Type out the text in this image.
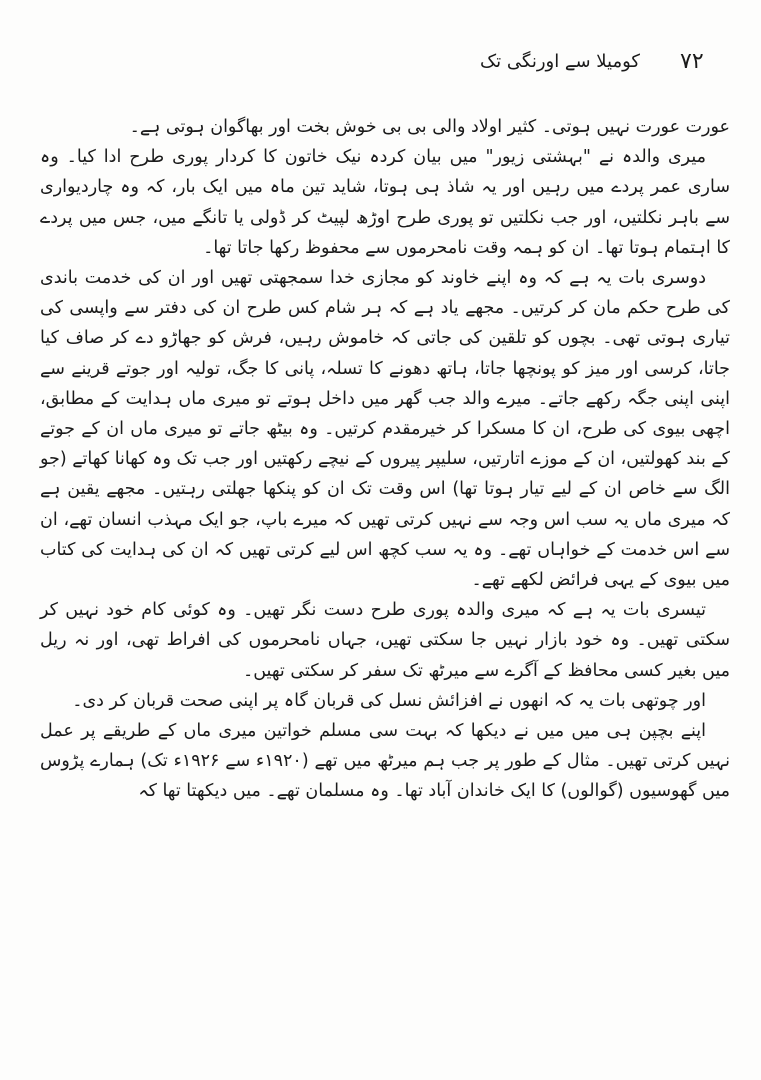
۷۲
کومیلا سے اورنگی تک

عورت عورت نہیں ہوتی۔ کثیر اولاد والی بی بی خوش بخت اور بھاگوان ہوتی ہے۔

میری والدہ نے "بہشتی زیور" میں بیان کردہ نیک خاتون کا کردار پوری طرح ادا کیا۔ وہ ساری عمر پردے میں رہیں اور یہ شاذ ہی ہوتا، شاید تین ماہ میں ایک بار، کہ وہ چاردیواری سے باہر نکلتیں، اور جب نکلتیں تو پوری طرح اوڑھ لپیٹ کر ڈولی یا تانگے میں، جس میں پردے کا اہتمام ہوتا تھا۔ ان کو ہمہ وقت نامحرموں سے محفوظ رکھا جاتا تھا۔

دوسری بات یہ ہے کہ وہ اپنے خاوند کو مجازی خدا سمجھتی تھیں اور ان کی خدمت باندی کی طرح حکم مان کر کرتیں۔ مجھے یاد ہے کہ ہر شام کس طرح ان کی دفتر سے واپسی کی تیاری ہوتی تھی۔ بچوں کو تلقین کی جاتی کہ خاموش رہیں، فرش کو جھاڑو دے کر صاف کیا جاتا، کرسی اور میز کو پونچھا جاتا، ہاتھ دھونے کا تسلہ، پانی کا جگ، تولیہ اور جوتے قرینے سے اپنی اپنی جگہ رکھے جاتے۔ میرے والد جب گھر میں داخل ہوتے تو میری ماں ہدایت کے مطابق، اچھی بیوی کی طرح، ان کا مسکرا کر خیرمقدم کرتیں۔ وہ بیٹھ جاتے تو میری ماں ان کے جوتے کے بند کھولتیں، ان کے موزے اتارتیں، سلیپر پیروں کے نیچے رکھتیں اور جب تک وہ کھانا کھاتے (جو الگ سے خاص ان کے لیے تیار ہوتا تھا) اس وقت تک ان کو پنکھا جھلتی رہتیں۔ مجھے یقین ہے کہ میری ماں یہ سب اس وجہ سے نہیں کرتی تھیں کہ میرے باپ، جو ایک مہذب انسان تھے، ان سے اس خدمت کے خواہاں تھے۔ وہ یہ سب کچھ اس لیے کرتی تھیں کہ ان کی ہدایت کی کتاب میں بیوی کے یہی فرائض لکھے تھے۔

تیسری بات یہ ہے کہ میری والدہ پوری طرح دست نگر تھیں۔ وہ کوئی کام خود نہیں کر سکتی تھیں۔ وہ خود بازار نہیں جا سکتی تھیں، جہاں نامحرموں کی افراط تھی، اور نہ ریل میں بغیر کسی محافظ کے آگرے سے میرٹھ تک سفر کر سکتی تھیں۔

اور چوتھی بات یہ کہ انھوں نے افزائش نسل کی قربان گاہ پر اپنی صحت قربان کر دی۔

اپنے بچپن ہی میں میں نے دیکھا کہ بہت سی مسلم خواتین میری ماں کے طریقے پر عمل نہیں کرتی تھیں۔ مثال کے طور پر جب ہم میرٹھ میں تھے (۱۹۲۰ء سے ۱۹۲۶ء تک) ہمارے پڑوس میں گھوسیوں (گوالوں) کا ایک خاندان آباد تھا۔ وہ مسلمان تھے۔ میں دیکھتا تھا کہ
